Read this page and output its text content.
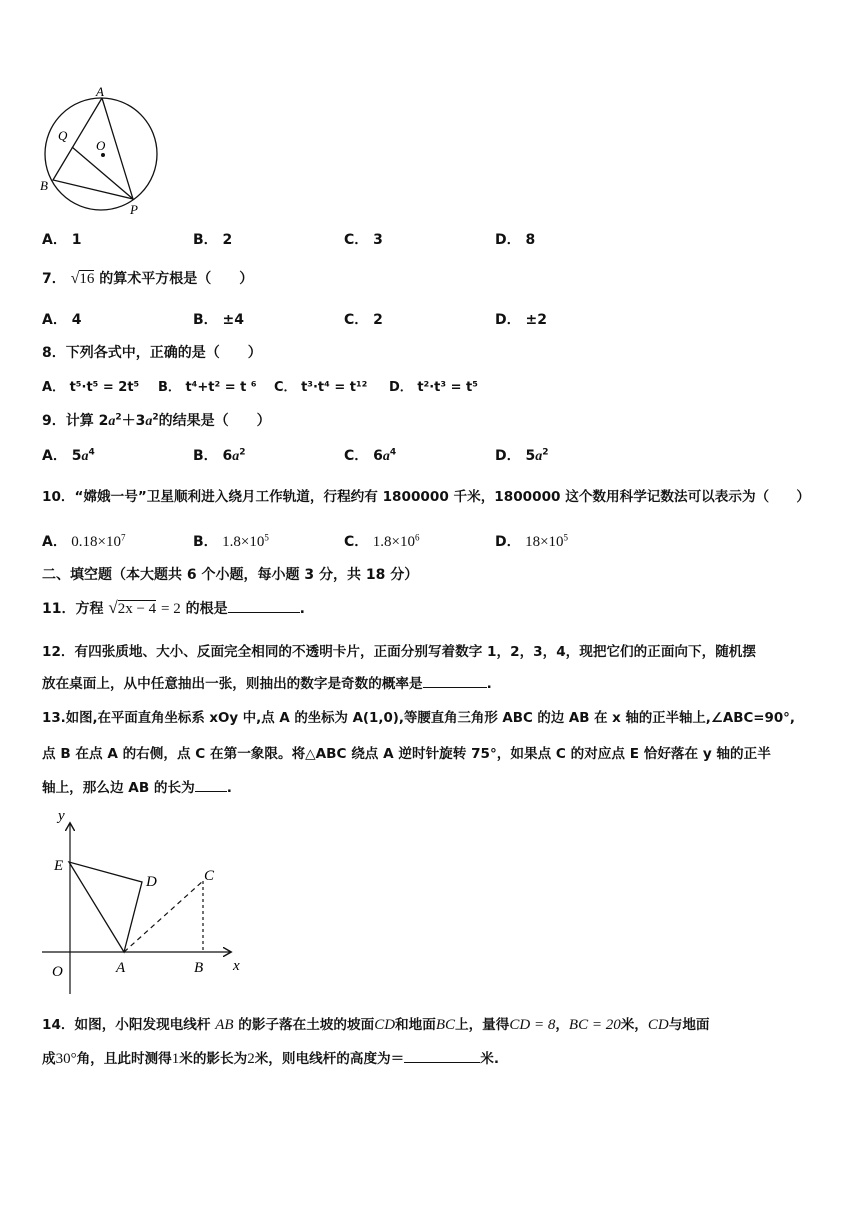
A
Q
O
B
P
A． 1	B． 2	C． 3	D． 8
7． √16 的算术平方根是（　　）
A． 4	B． ±4	C． 2	D． ±2
8．下列各式中，正确的是（　　）
A． t⁵·t⁵ = 2t⁵ B． t⁴+t² = t ⁶ C． t³·t⁴ = t¹² D． t²·t³ = t⁵
9．计算 $2a^2+3a^2$的结果是（　　）
A． $5a^4$	B． $6a^2$	C． $6a^4$	D． $5a^2$
10．“嫦娥一号”卫星顺利进入绕月工作轨道，行程约有 1800000 千米，1800000 这个数用科学记数法可以表示为（　　）
A． $0.18\times 10^7$	B． $1.8\times 10^5$	C． $1.8\times 10^6$	D． $18\times 10^5$
二、填空题（本大题共 6 个小题，每小题 3 分，共 18 分）
11．方程 √2x − 4 = 2 的根是	.
12．有四张质地、大小、反面完全相同的不透明卡片，正面分别写着数字 1，2，3，4，现把它们的正面向下，随机摆
放在桌面上，从中任意抽出一张，则抽出的数字是奇数的概率是	.
13.如图,在平面直角坐标系 xOy 中,点 A 的坐标为 A(1,0),等腰直角三角形 ABC 的边 AB 在 x 轴的正半轴上,∠ABC=90°,
点 B 在点 A 的右侧，点 C 在第一象限。将△ABC 绕点 A 逆时针旋转 75°，如果点 C 的对应点 E 恰好落在 y 轴的正半
轴上，那么边 AB 的长为 .
y
E
D	C
O	A	B x
14．如图，小阳发现电线杆 AB 的影子落在土坡的坡面CD和地面BC上，量得CD = 8，BC = 20米，CD与地面
成30°角，且此时测得1米的影长为2米，则电线杆的高度为＝	米.
